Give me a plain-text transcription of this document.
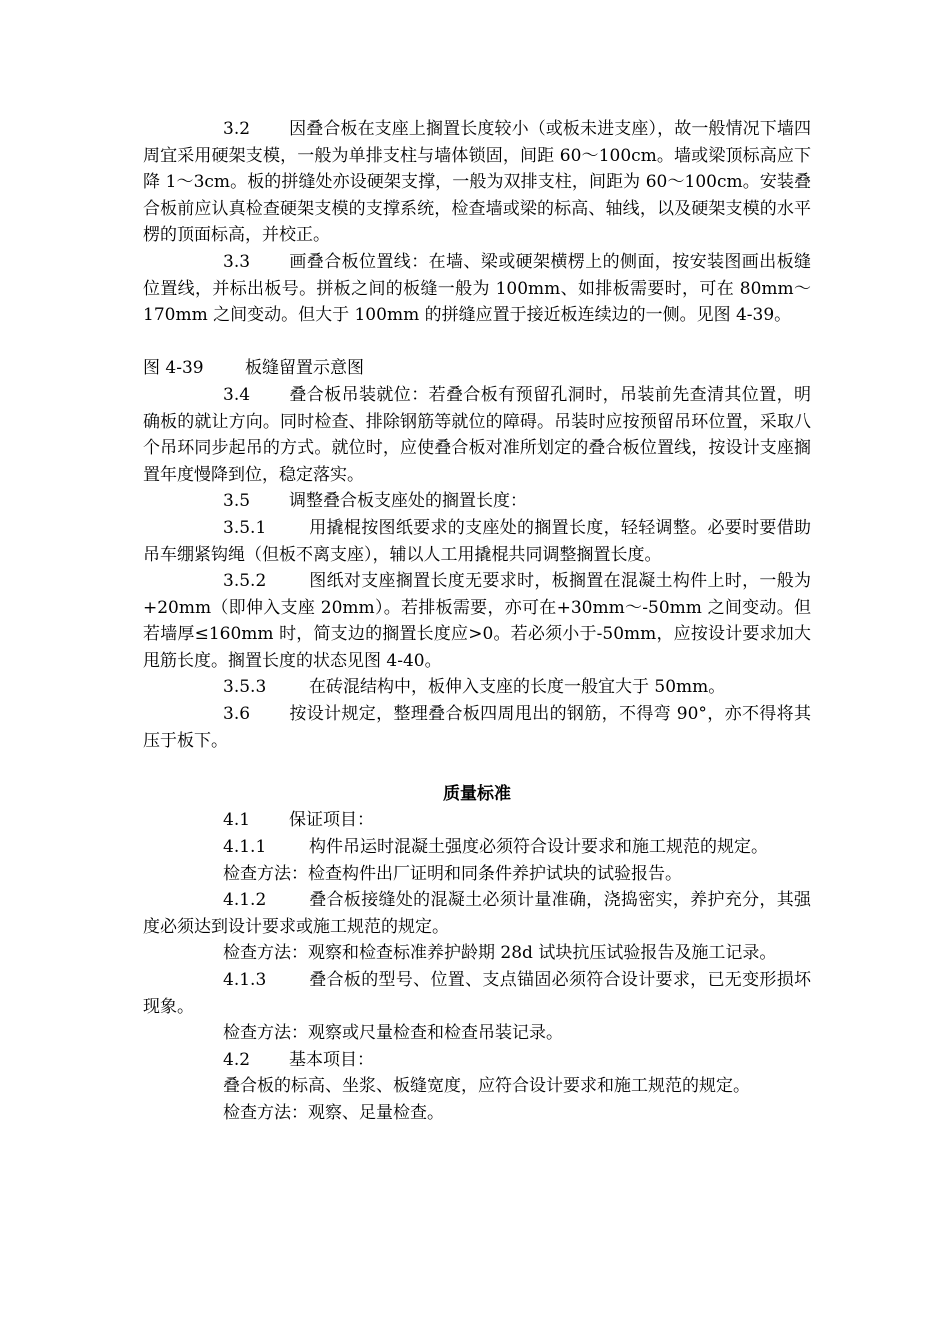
3.2 因叠合板在支座上搁置长度较小（或板未进支座），故一般情况下墙四周宜采用硬架支模，一般为单排支柱与墙体锁固，间距 60～100cm。墙或梁顶标高应下降 1～3cm。板的拼缝处亦设硬架支撑，一般为双排支柱，间距为 60～100cm。安装叠合板前应认真检查硬架支模的支撑系统，检查墙或梁的标高、轴线，以及硬架支模的水平楞的顶面标高，并校正。

3.3 画叠合板位置线：在墙、梁或硬架横楞上的侧面，按安装图画出板缝位置线，并标出板号。拼板之间的板缝一般为 100mm、如排板需要时，可在 80mm～170mm 之间变动。但大于 100mm 的拼缝应置于接近板连续边的一侧。见图 4-39。

图 4-39 板缝留置示意图

3.4 叠合板吊装就位：若叠合板有预留孔洞时，吊装前先查清其位置，明确板的就让方向。同时检查、排除钢筋等就位的障碍。吊装时应按预留吊环位置，采取八个吊环同步起吊的方式。就位时，应使叠合板对准所划定的叠合板位置线，按设计支座搁置年度慢降到位，稳定落实。

3.5 调整叠合板支座处的搁置长度：

3.5.1	用撬棍按图纸要求的支座处的搁置长度，轻轻调整。必要时要借助吊车绷紧钩绳（但板不离支座），辅以人工用撬棍共同调整搁置长度。

3.5.2	图纸对支座搁置长度无要求时，板搁置在混凝土构件上时，一般为+20mm（即伸入支座 20mm）。若排板需要，亦可在+30mm～-50mm 之间变动。但若墙厚≤160mm 时，简支边的搁置长度应>0。若必须小于-50mm，应按设计要求加大甩筋长度。搁置长度的状态见图 4-40。

3.5.3	在砖混结构中，板伸入支座的长度一般宜大于 50mm。

3.6 按设计规定，整理叠合板四周甩出的钢筋，不得弯 90°，亦不得将其压于板下。

质量标准

4.1 保证项目：

4.1.1	构件吊运时混凝土强度必须符合设计要求和施工规范的规定。

检查方法：检查构件出厂证明和同条件养护试块的试验报告。

4.1.2	叠合板接缝处的混凝土必须计量准确，浇捣密实，养护充分，其强度必须达到设计要求或施工规范的规定。

检查方法：观察和检查标准养护龄期 28d 试块抗压试验报告及施工记录。

4.1.3	叠合板的型号、位置、支点锚固必须符合设计要求，已无变形损坏现象。

检查方法：观察或尺量检查和检查吊装记录。

4.2 基本项目：

叠合板的标高、坐浆、板缝宽度，应符合设计要求和施工规范的规定。

检查方法：观察、足量检查。
